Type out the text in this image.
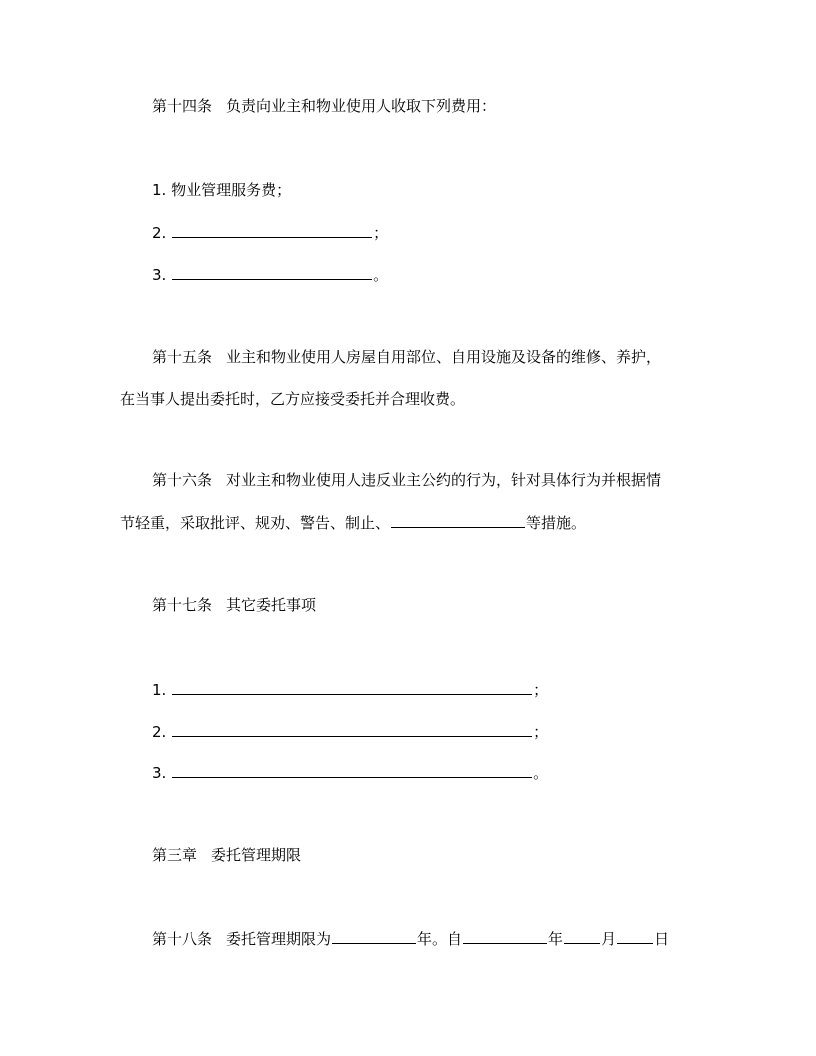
第十四条 负责向业主和物业使用人收取下列费用：
1. 物业管理服务费；
2.	；
3.	。
第十五条 业主和物业使用人房屋自用部位、自用设施及设备的维修、养护，
在当事人提出委托时，乙方应接受委托并合理收费。
第十六条 对业主和物业使用人违反业主公约的行为，针对具体行为并根据情
节轻重，采取批评、规劝、警告、制止、	等措施。
第十七条 其它委托事项
1.	；
2.	；
3.	。
第三章 委托管理期限
第十八条 委托管理期限为	年。自	年	月	日
